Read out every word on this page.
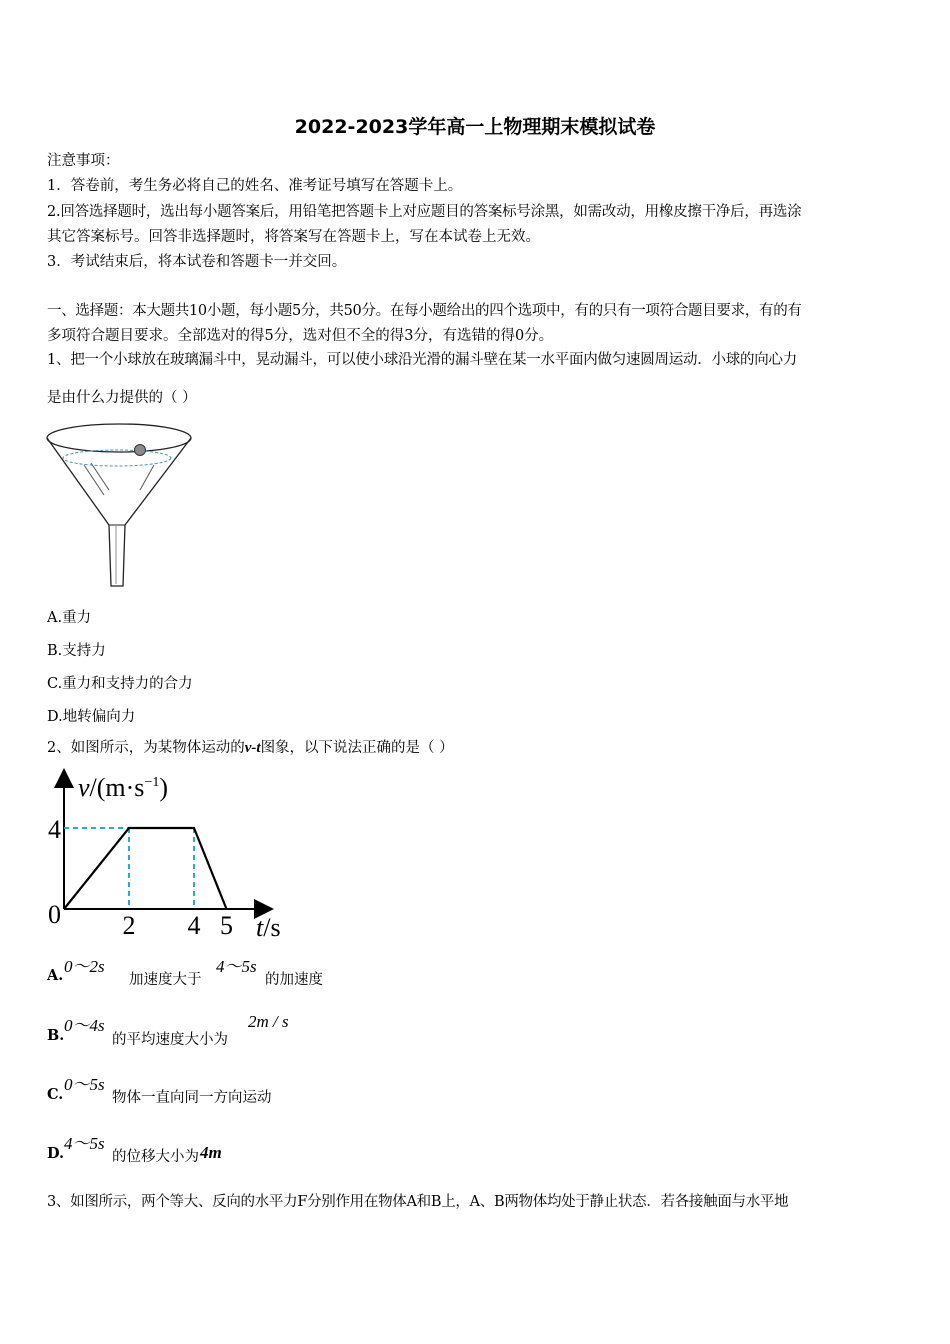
2022-2023学年高一上物理期末模拟试卷
注意事项：
1．答卷前，考生务必将自己的姓名、准考证号填写在答题卡上。
2.回答选择题时，选出每小题答案后，用铅笔把答题卡上对应题目的答案标号涂黑，如需改动，用橡皮擦干净后，再选涂
其它答案标号。回答非选择题时，将答案写在答题卡上，写在本试卷上无效。
3．考试结束后，将本试卷和答题卡一并交回。
一、选择题：本大题共10小题，每小题5分，共50分。在每小题给出的四个选项中，有的只有一项符合题目要求，有的有
多项符合题目要求。全部选对的得5分，选对但不全的得3分，有选错的得0分。
1、把一个小球放在玻璃漏斗中，晃动漏斗，可以使小球沿光滑的漏斗壁在某一水平面内做匀速圆周运动．小球的向心力
是由什么力提供的（ ）
A.重力
B.支持力
C.重力和支持力的合力
D.地转偏向力
2、如图所示，为某物体运动的v-t图象，以下说法正确的是（ ）
2 4 5
$v/(m\cdot s^{-1})$
4
0	t/s
A. 0～2s
加速度大于
4～5s
的加速度
B.
0～4s
的平均速度大小为
2m / s
C.
0～5s
物体一直向同一方向运动
D.
4～5s
的位移大小为 4m
3、如图所示，两个等大、反向的水平力F分别作用在物体A和B上，A、B两物体均处于静止状态．若各接触面与水平地
